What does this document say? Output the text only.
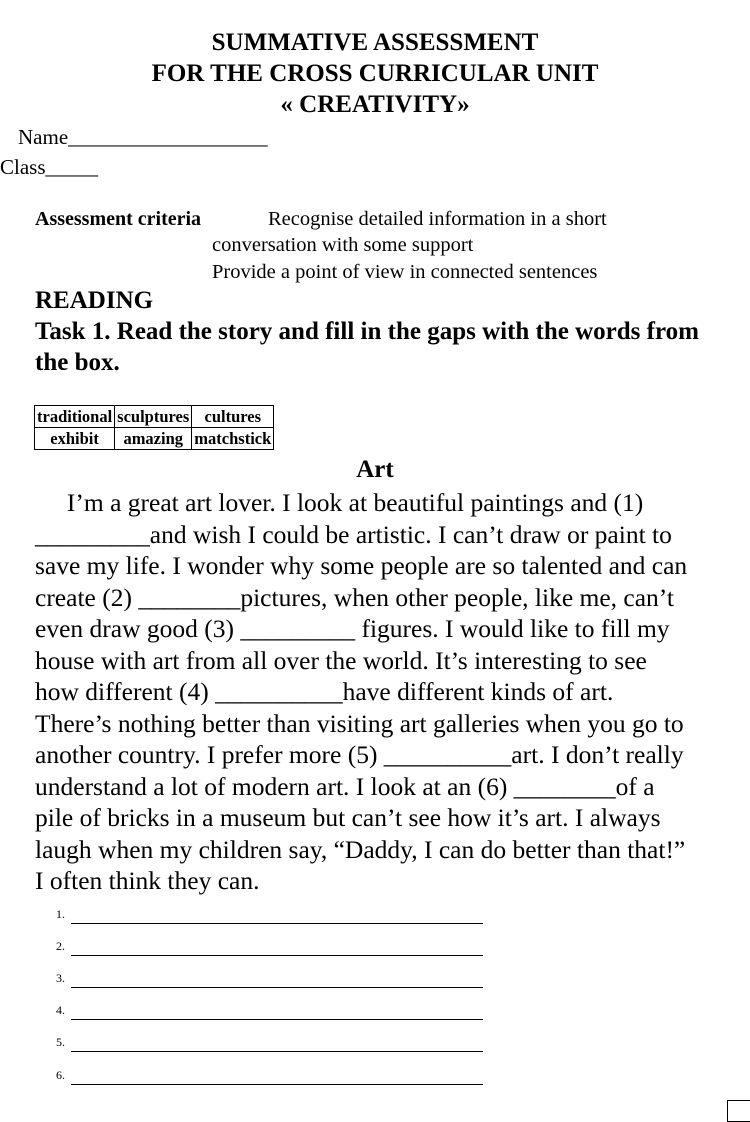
SUMMATIVE ASSESSMENT
FOR THE CROSS CURRICULAR UNIT
« CREATIVITY»
Name___________________
Class_____
Assessment criteria	Recognise detailed information in a short
conversation with some support
Provide a point of view in connected sentences
READING
Task 1. Read the story and fill in the gaps with the words from the box.
traditional	sculptures	cultures
exhibit	amazing	matchstick
Art
I’m a great art lover. I look at beautiful paintings and (1)
_________and wish I could be artistic. I can’t draw or paint to
save my life. I wonder why some people are so talented and can
create (2) ________pictures, when other people, like me, can’t
even draw good (3) _________ figures. I would like to fill my
house with art from all over the world. It’s interesting to see
how different (4) __________have different kinds of art.
There’s nothing better than visiting art galleries when you go to
another country. I prefer more (5) __________art. I don’t really
understand a lot of modern art. I look at an (6) ________of a
pile of bricks in a museum but can’t see how it’s art. I always
laugh when my children say, “Daddy, I can do better than that!”
I often think they can.
1.
2.
3.
4.
5.
6.
